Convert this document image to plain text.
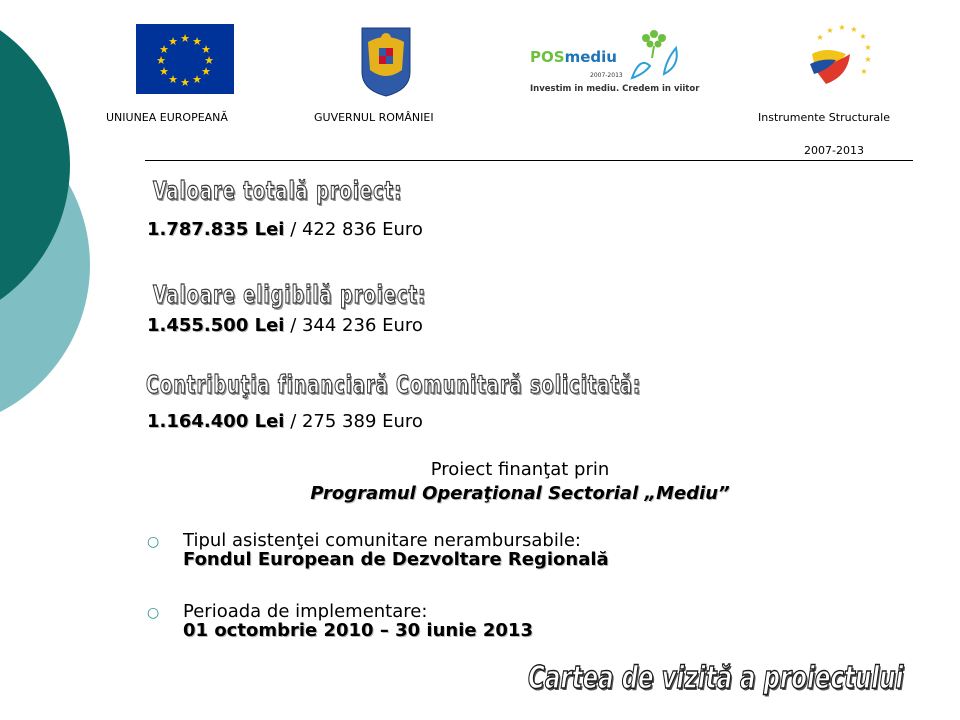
★ ★
★
★
★
★
★
★
★
★
★
★
UNIUNEA EUROPEANĂ	GUVERNUL ROMÂNIEI
POSmediu
2007-2013
Investim in mediu. Credem in viitor
★
★ ★ ★
★
★
★
★
Instrumente Structurale
2007-2013
Valoare totală proiect:
1.787.835 Lei / 422 836 Euro
Valoare eligibilă proiect:
1.455.500 Lei / 344 236 Euro
Contribuţia financiară Comunitară solicitată:
1.164.400 Lei / 275 389 Euro
Proiect finanţat prin
Programul Operaţional Sectorial „Mediu”
○ Tipul asistenţei comunitare nerambursabile:
Fondul European de Dezvoltare Regională
○ Perioada de implementare:
01 octombrie 2010 – 30 iunie 2013
Cartea de vizită a proiectului
